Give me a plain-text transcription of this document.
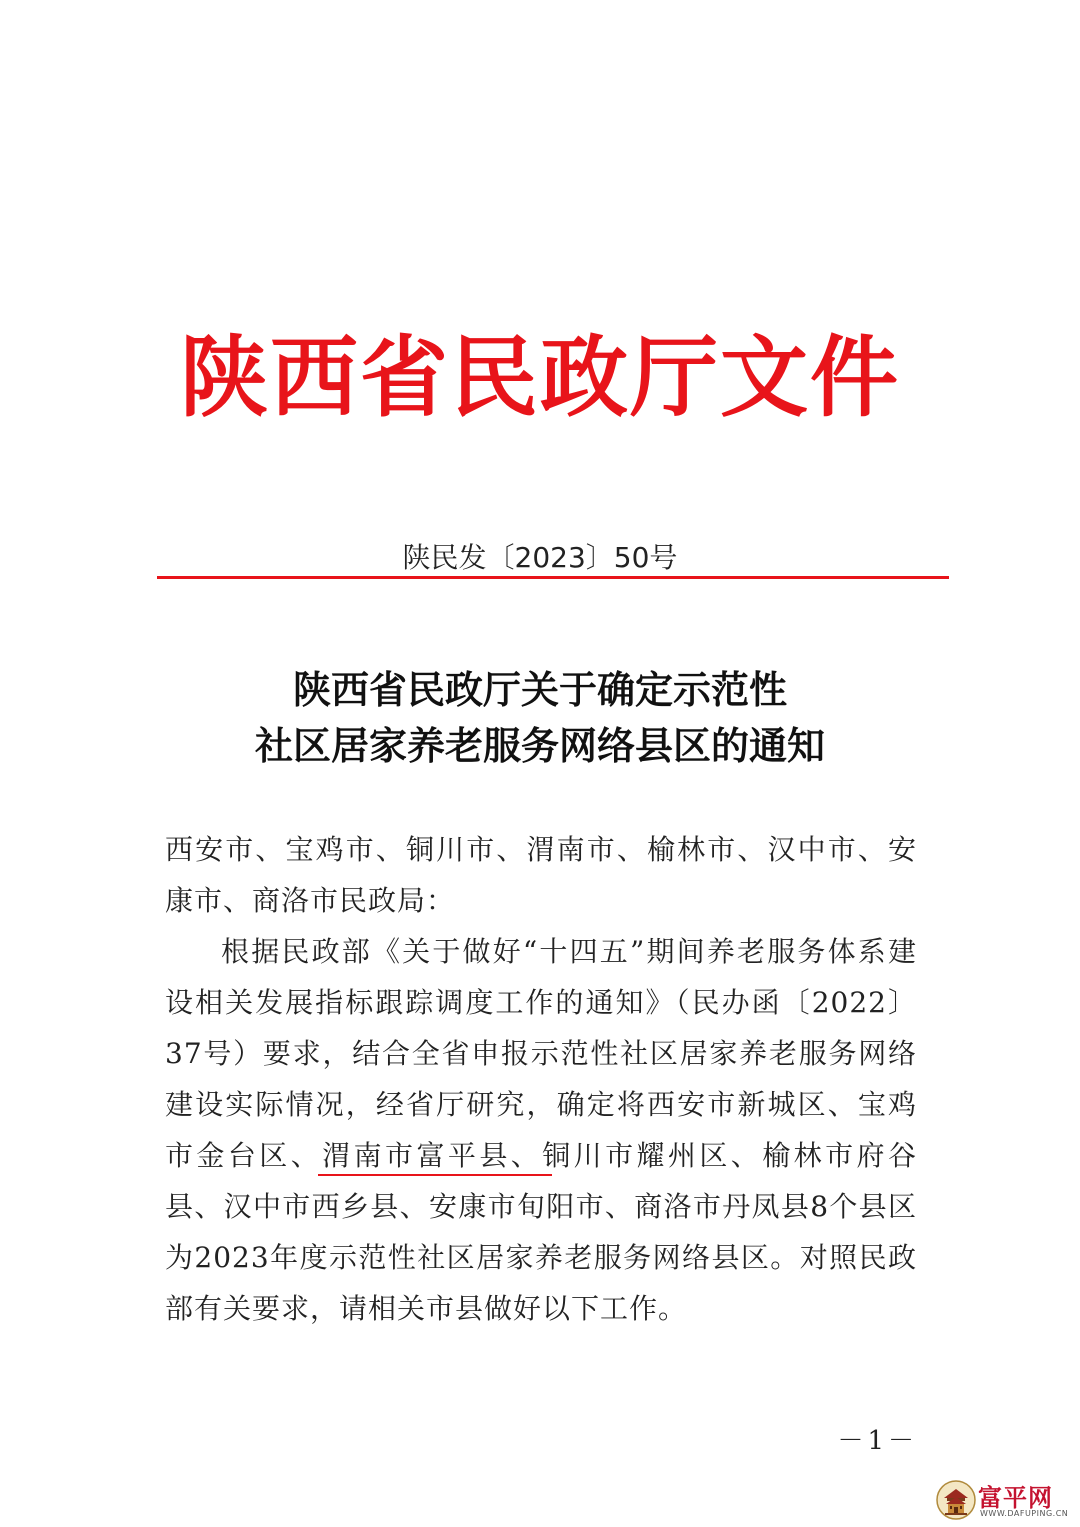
陕西省民政厅文件
陕民发〔2023〕50号
陕西省民政厅关于确定示范性
社区居家养老服务网络县区的通知

西安市、宝鸡市、铜川市、渭南市、榆林市、汉中市、安康市、商洛市民政局：

根据民政部《关于做好“十四五”期间养老服务体系建设相关发展指标跟踪调度工作的通知》（民办函〔2022〕37号）要求，结合全省申报示范性社区居家养老服务网络建设实际情况，经省厅研究，确定将西安市新城区、宝鸡市金台区、渭南市富平县、铜川市耀州区、榆林市府谷县、汉中市西乡县、安康市旬阳市、商洛市丹凤县8个县区为2023年度示范性社区居家养老服务网络县区。对照民政部有关要求，请相关市县做好以下工作。

－1－
富平网
WWW.DAFUPING.CN
